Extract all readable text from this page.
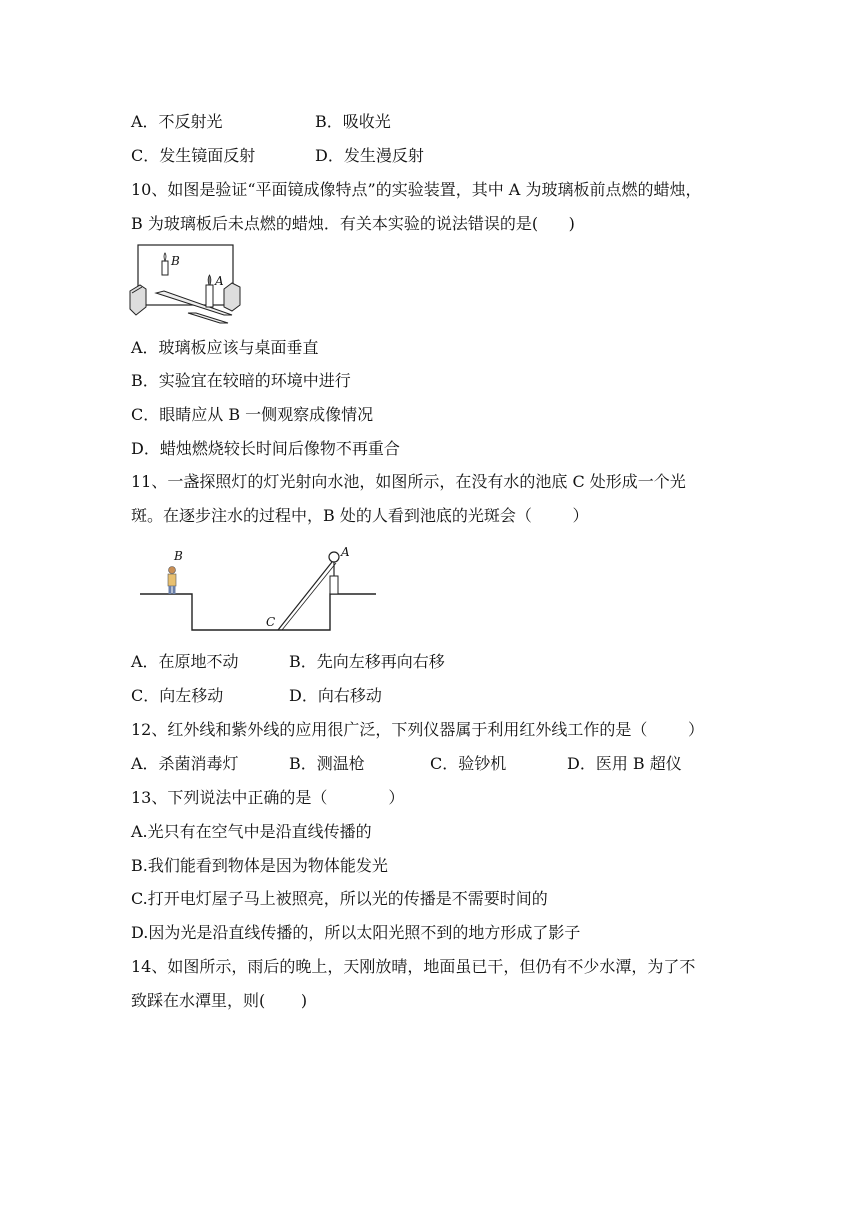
A．不反射光	B．吸收光
C．发生镜面反射	D．发生漫反射
10、如图是验证“平面镜成像特点”的实验装置，其中 A 为玻璃板前点燃的蜡烛，
B 为玻璃板后未点燃的蜡烛．有关本实验的说法错误的是(      )
B
A
A．玻璃板应该与桌面垂直
B．实验宜在较暗的环境中进行
C．眼睛应从 B 一侧观察成像情况
D．蜡烛燃烧较长时间后像物不再重合
11、一盏探照灯的灯光射向水池，如图所示，在没有水的池底 C 处形成一个光
斑。在逐步注水的过程中，B 处的人看到池底的光斑会（        ）
B	A
C
A．在原地不动	B．先向左移再向右移
C．向左移动	D．向右移动
12、红外线和紫外线的应用很广泛，下列仪器属于利用红外线工作的是（        ）
A．杀菌消毒灯	B．测温枪	C．验钞机	D．医用 B 超仪
13、下列说法中正确的是（            ）
A.光只有在空气中是沿直线传播的
B.我们能看到物体是因为物体能发光
C.打开电灯屋子马上被照亮，所以光的传播是不需要时间的
D.因为光是沿直线传播的，所以太阳光照不到的地方形成了影子
14、如图所示，雨后的晚上，天刚放晴，地面虽已干，但仍有不少水潭，为了不
致踩在水潭里，则(       )
